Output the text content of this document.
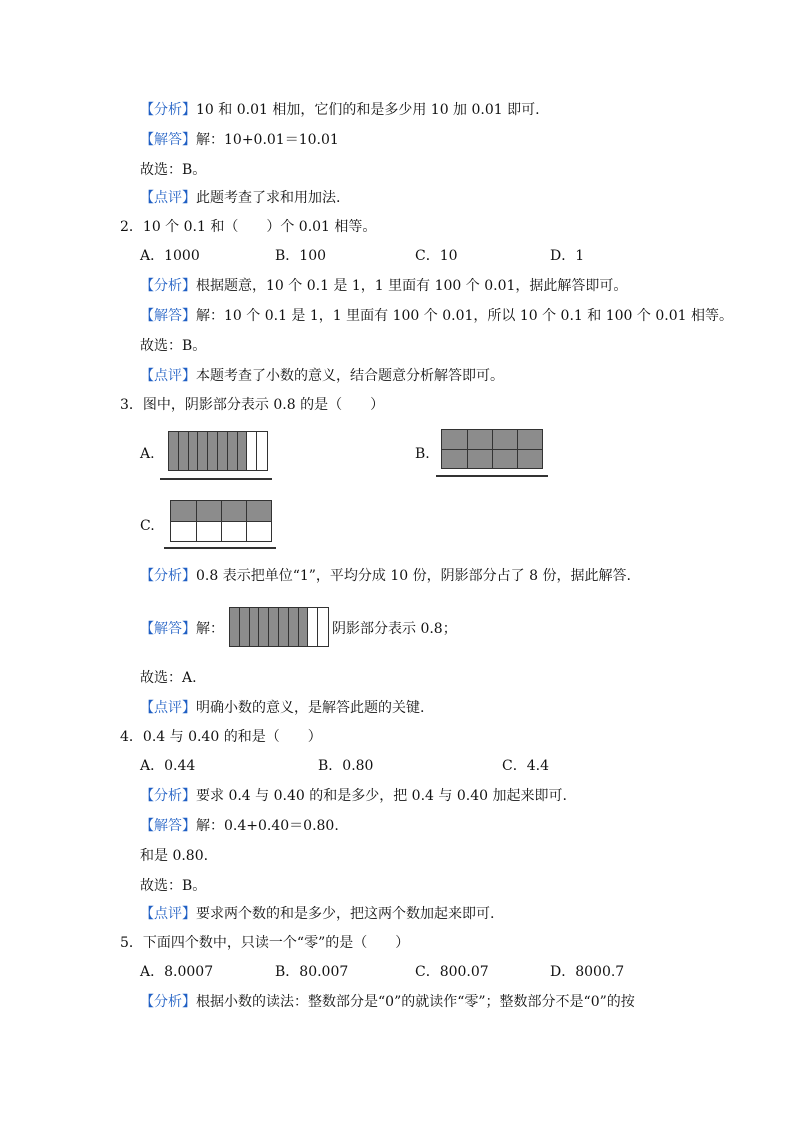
【分析】10 和 0.01 相加，它们的和是多少用 10 加 0.01 即可.
【解答】解：10+0.01＝10.01
故选：B。
【点评】此题考查了求和用加法.
2．10 个 0.1 和（　　）个 0.01 相等。
A．1000	B．100	C．10	D．1
【分析】根据题意，10 个 0.1 是 1，1 里面有 100 个 0.01，据此解答即可。
【解答】解：10 个 0.1 是 1，1 里面有 100 个 0.01，所以 10 个 0.1 和 100 个 0.01 相等。
故选：B。
【点评】本题考查了小数的意义，结合题意分析解答即可。
3．图中，阴影部分表示 0.8 的是（　　）
A.	B.
C.
【分析】0.8 表示把单位“1”，平均分成 10 份，阴影部分占了 8 份，据此解答.
【解答】解：	阴影部分表示 0.8；
故选：A.
【点评】明确小数的意义，是解答此题的关键.
4．0.4 与 0.40 的和是（　　）
A．0.44	B．0.80	C．4.4
【分析】要求 0.4 与 0.40 的和是多少，把 0.4 与 0.40 加起来即可.
【解答】解：0.4+0.40＝0.80.
和是 0.80.
故选：B。
【点评】要求两个数的和是多少，把这两个数加起来即可.
5．下面四个数中，只读一个“零”的是（　　）
A．8.0007	B．80.007	C．800.07	D．8000.7
【分析】根据小数的读法：整数部分是“0”的就读作“零”；整数部分不是“0”的按
